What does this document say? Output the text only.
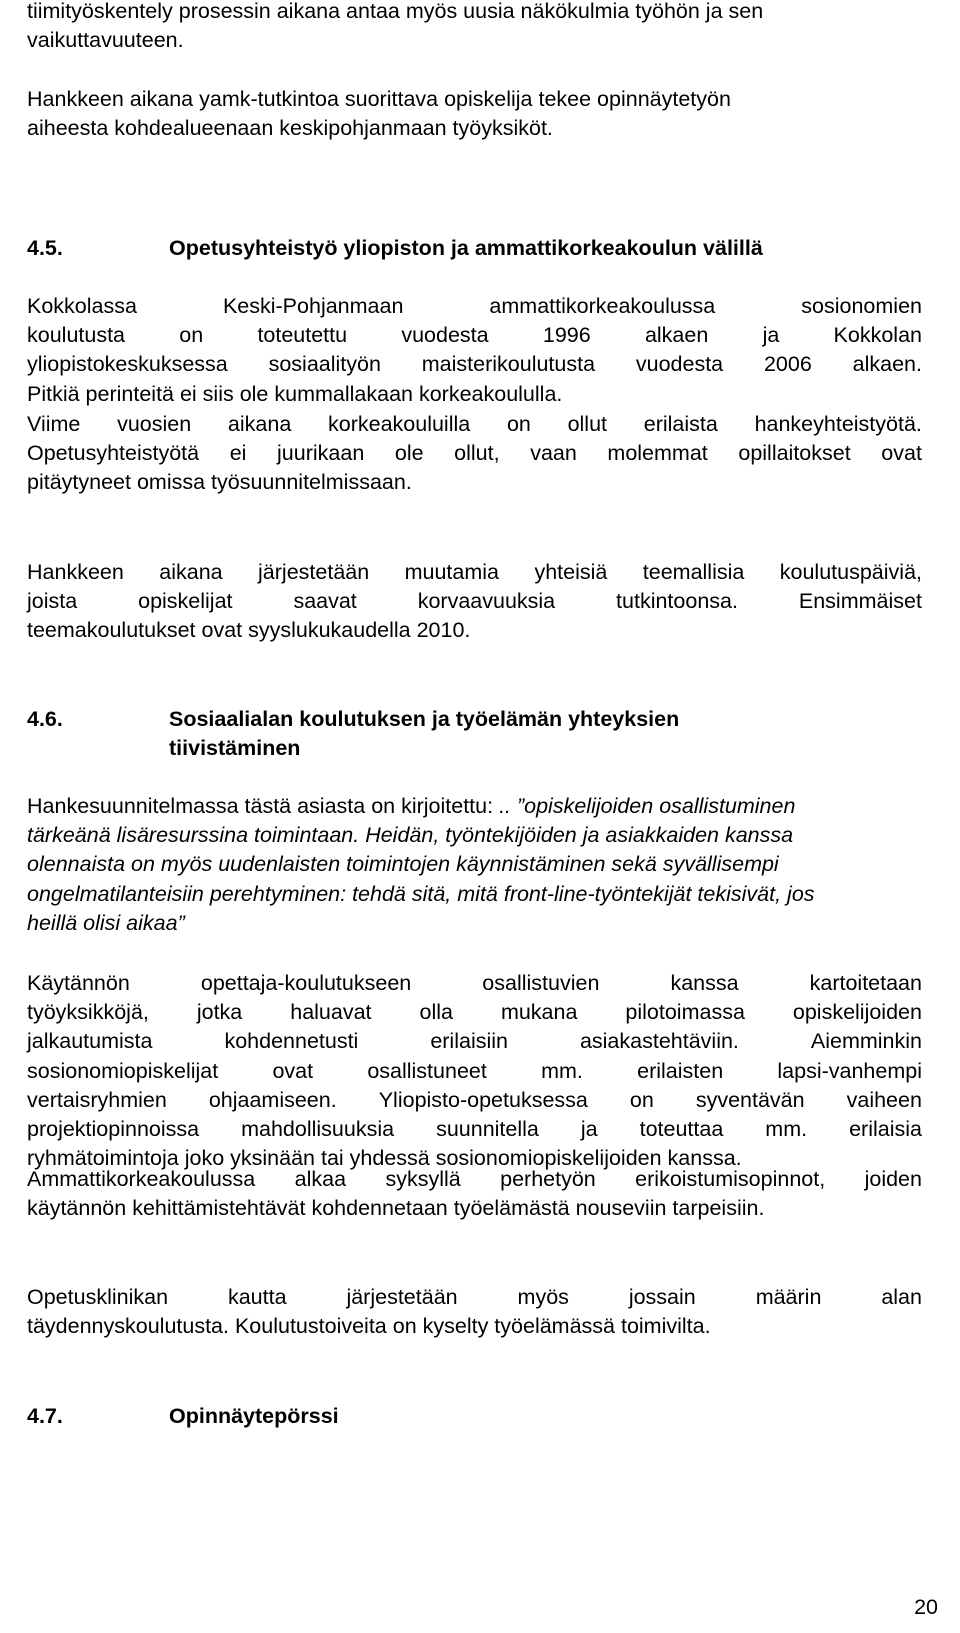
tiimityöskentely prosessin aikana antaa myös uusia näkökulmia työhön ja sen
vaikuttavuuteen.
Hankkeen aikana yamk-tutkintoa suorittava opiskelija tekee opinnäytetyön
aiheesta kohdealueenaan keskipohjanmaan työyksiköt.
4.5.	Opetusyhteistyö yliopiston ja ammattikorkeakoulun välillä
Kokkolassa	Keski-Pohjanmaan	ammattikorkeakoulussa	sosionomien
koulutusta	on	toteutettu	vuodesta	1996	alkaen	ja	Kokkolan
yliopistokeskuksessa sosiaalityön maisterikoulutusta vuodesta 2006 alkaen.
Pitkiä perinteitä ei siis ole kummallakaan korkeakoululla.
Viime vuosien aikana korkeakouluilla on ollut erilaista hankeyhteistyötä.
Opetusyhteistyötä ei juurikaan ole ollut, vaan molemmat opillaitokset ovat
pitäytyneet omissa työsuunnitelmissaan.
Hankkeen aikana järjestetään muutamia yhteisiä teemallisia koulutuspäiviä,
joista	opiskelijat	saavat	korvaavuuksia	tutkintoonsa.	Ensimmäiset
teemakoulutukset ovat syyslukukaudella 2010.
4.6.	Sosiaalialan koulutuksen ja työelämän yhteyksien
tiivistäminen
Hankesuunnitelmassa tästä asiasta on kirjoitettu: .. ”opiskelijoiden osallistuminen
tärkeänä lisäresurssina toimintaan. Heidän, työntekijöiden ja asiakkaiden kanssa
olennaista on myös uudenlaisten toimintojen käynnistäminen sekä syvällisempi
ongelmatilanteisiin perehtyminen: tehdä sitä, mitä front-line-työntekijät tekisivät, jos
heillä olisi aikaa”
Käytännön	opettaja-koulutukseen	osallistuvien	kanssa	kartoitetaan
työyksikköjä, jotka haluavat olla mukana pilotoimassa opiskelijoiden
jalkautumista	kohdennetusti	erilaisiin	asiakastehtäviin.	Aiemminkin
sosionomiopiskelijat	ovat	osallistuneet	mm.	erilaisten	lapsi-vanhempi
vertaisryhmien ohjaamiseen. Yliopisto-opetuksessa on syventävän vaiheen
projektiopinnoissa mahdollisuuksia suunnitella ja toteuttaa mm. erilaisia
ryhmätoimintoja joko yksinään tai yhdessä sosionomiopiskelijoiden kanssa.
Ammattikorkeakoulussa alkaa syksyllä perhetyön erikoistumisopinnot, joiden
käytännön kehittämistehtävät kohdennetaan työelämästä nouseviin tarpeisiin.
Opetusklinikan	kautta	järjestetään	myös	jossain	määrin	alan
täydennyskoulutusta. Koulutustoiveita on kyselty työelämässä toimivilta.
4.7.	Opinnäytepörssi
20
